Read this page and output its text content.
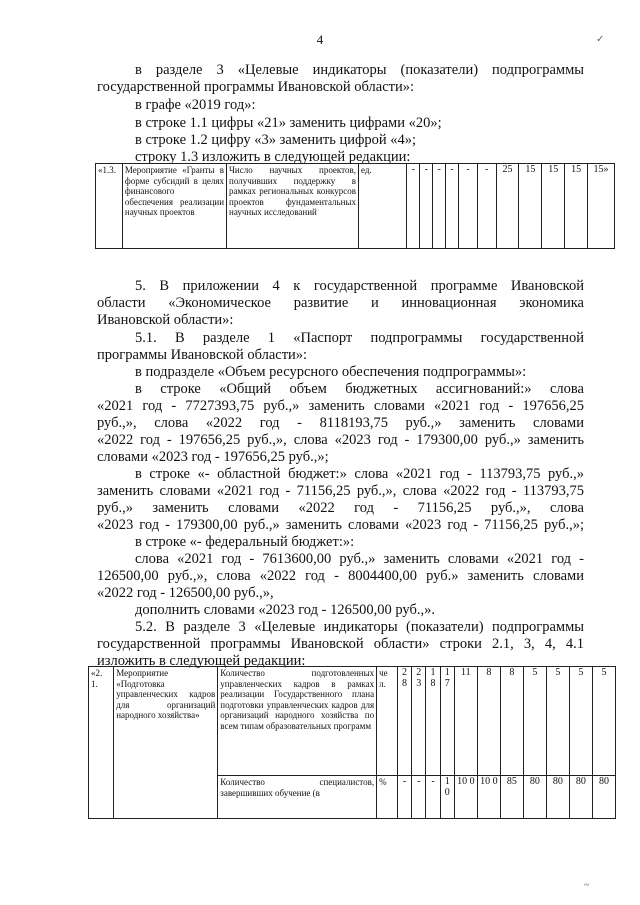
4
в разделе 3 «Целевые индикаторы (показатели) подпрограммы
государственной программы Ивановской области»:
в графе «2019 год»:
в строке 1.1 цифры «21» заменить цифрами «20»;
в строке 1.2 цифру «3» заменить цифрой «4»;
строку 1.3 изложить в следующей редакции:
«1.3.	Мероприятие «Гранты в форме субсидий в целях финансового обеспечения реализации научных проектов	Число научных проектов, получивших поддержку в рамках региональных конкурсов проектов фундаментальных научных исследований	ед.	-	-	-	-	-	-	25	15	15	15	15»
5. В приложении 4 к государственной программе Ивановской
области «Экономическое развитие и инновационная экономика
Ивановской области»:
5.1. В разделе 1 «Паспорт подпрограммы государственной
программы Ивановской области»:
в подразделе «Объем ресурсного обеспечения подпрограммы»:
в строке «Общий объем бюджетных ассигнований:» слова
«2021 год - 7727393,75 руб.,» заменить словами «2021 год - 197656,25
руб.,», слова «2022 год - 8118193,75 руб.,» заменить словами
«2022 год - 197656,25 руб.,», слова «2023 год - 179300,00 руб.,» заменить
словами «2023 год - 197656,25 руб.,»;
в строке «- областной бюджет:» слова «2021 год - 113793,75 руб.,»
заменить словами «2021 год - 71156,25 руб.,», слова «2022 год - 113793,75
руб.,» заменить словами «2022 год - 71156,25 руб.,», слова
«2023 год - 179300,00 руб.,» заменить словами «2023 год - 71156,25 руб.,»;
в строке «- федеральный бюджет:»:
слова «2021 год - 7613600,00 руб.,» заменить словами «2021 год -
126500,00 руб.,», слова «2022 год - 8004400,00 руб.» заменить словами
«2022 год - 126500,00 руб.,»,
дополнить словами «2023 год - 126500,00 руб.,».
5.2. В разделе 3 «Целевые индикаторы (показатели) подпрограммы
государственной программы Ивановской области» строки 2.1, 3, 4, 4.1
изложить в следующей редакции:
«2. 1.	Мероприятие «Подготовка управленческих кадров для организаций народного хозяйства»	Количество подготовленных управленческих кадров в рамках реализации Государственного плана подготовки управленческих кадров для организаций народного хозяйства по всем типам образовательных программ	че л.	2 8	2 3	1 8	1 7	11	8	8	5	5	5	5
		Количество специалистов, завершивших обучение (в	%	-	-	-	1 0	10 0	10 0	85	80	80	80	80
✓
~
